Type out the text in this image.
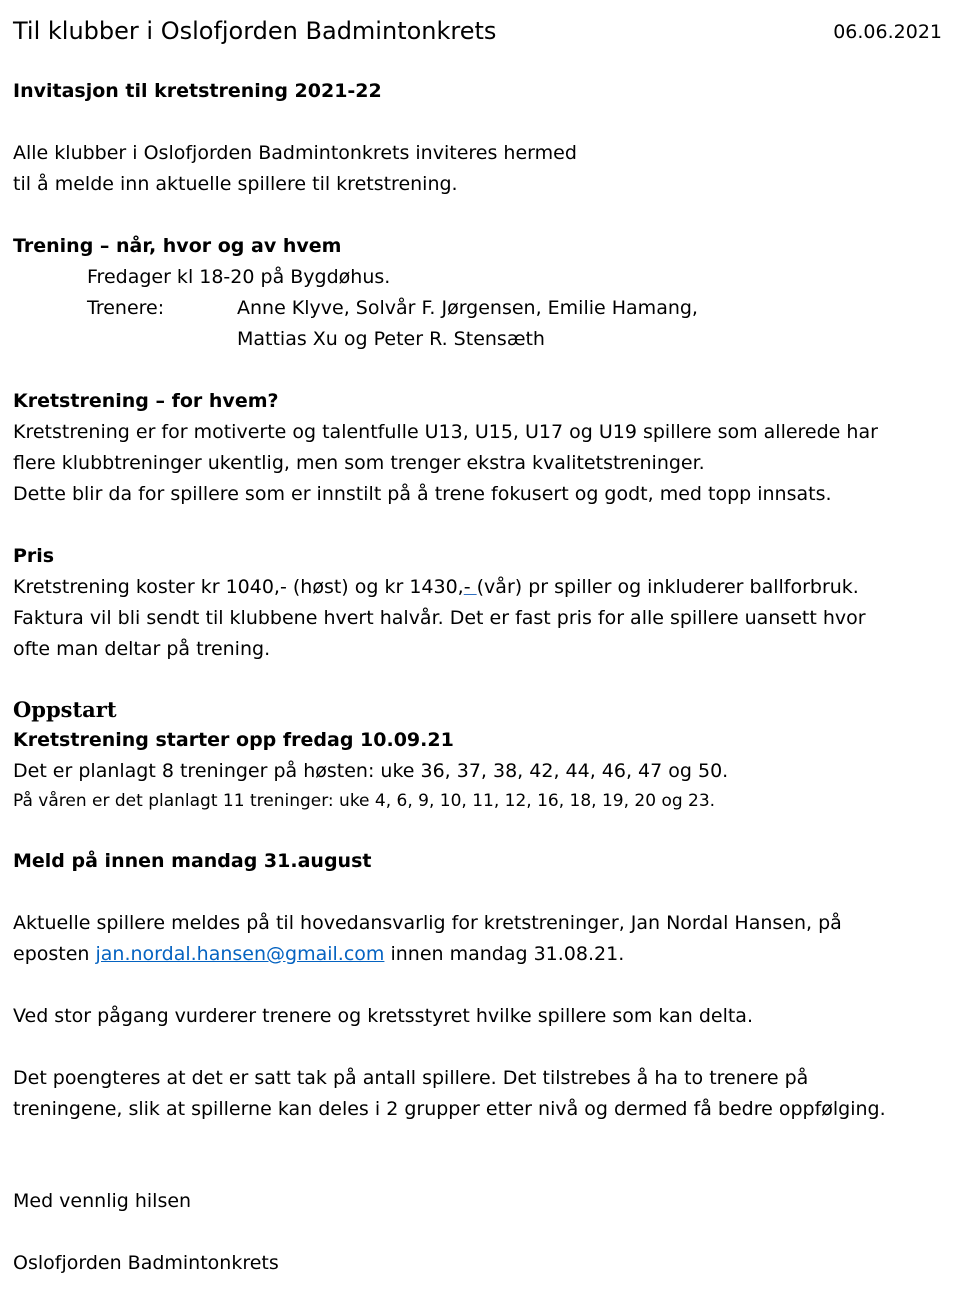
Til klubber i Oslofjorden Badmintonkrets	06.06.2021
Invitasjon til kretstrening 2021-22
Alle klubber i Oslofjorden Badmintonkrets inviteres hermed
til å melde inn aktuelle spillere til kretstrening.
Trening – når, hvor og av hvem
Fredager kl 18-20 på Bygdøhus.
Trenere:	Anne Klyve, Solvår F. Jørgensen, Emilie Hamang,
Mattias Xu og Peter R. Stensæth
Kretstrening – for hvem?
Kretstrening er for motiverte og talentfulle U13, U15, U17 og U19 spillere som allerede har
flere klubbtreninger ukentlig, men som trenger ekstra kvalitetstreninger.
Dette blir da for spillere som er innstilt på å trene fokusert og godt, med topp innsats.
Pris
Kretstrening koster kr 1040,- (høst) og kr 1430,- (vår) pr spiller og inkluderer ballforbruk.
Faktura vil bli sendt til klubbene hvert halvår. Det er fast pris for alle spillere uansett hvor
ofte man deltar på trening.
Oppstart
Kretstrening starter opp fredag 10.09.21
Det er planlagt 8 treninger på høsten: uke 36, 37, 38, 42, 44, 46, 47 og 50.
På våren er det planlagt 11 treninger: uke 4, 6, 9, 10, 11, 12, 16, 18, 19, 20 og 23.
Meld på innen mandag 31.august
Aktuelle spillere meldes på til hovedansvarlig for kretstreninger, Jan Nordal Hansen, på
eposten jan.nordal.hansen@gmail.com innen mandag 31.08.21.
Ved stor pågang vurderer trenere og kretsstyret hvilke spillere som kan delta.
Det poengteres at det er satt tak på antall spillere. Det tilstrebes å ha to trenere på
treningene, slik at spillerne kan deles i 2 grupper etter nivå og dermed få bedre oppfølging.
Med vennlig hilsen
Oslofjorden Badmintonkrets
